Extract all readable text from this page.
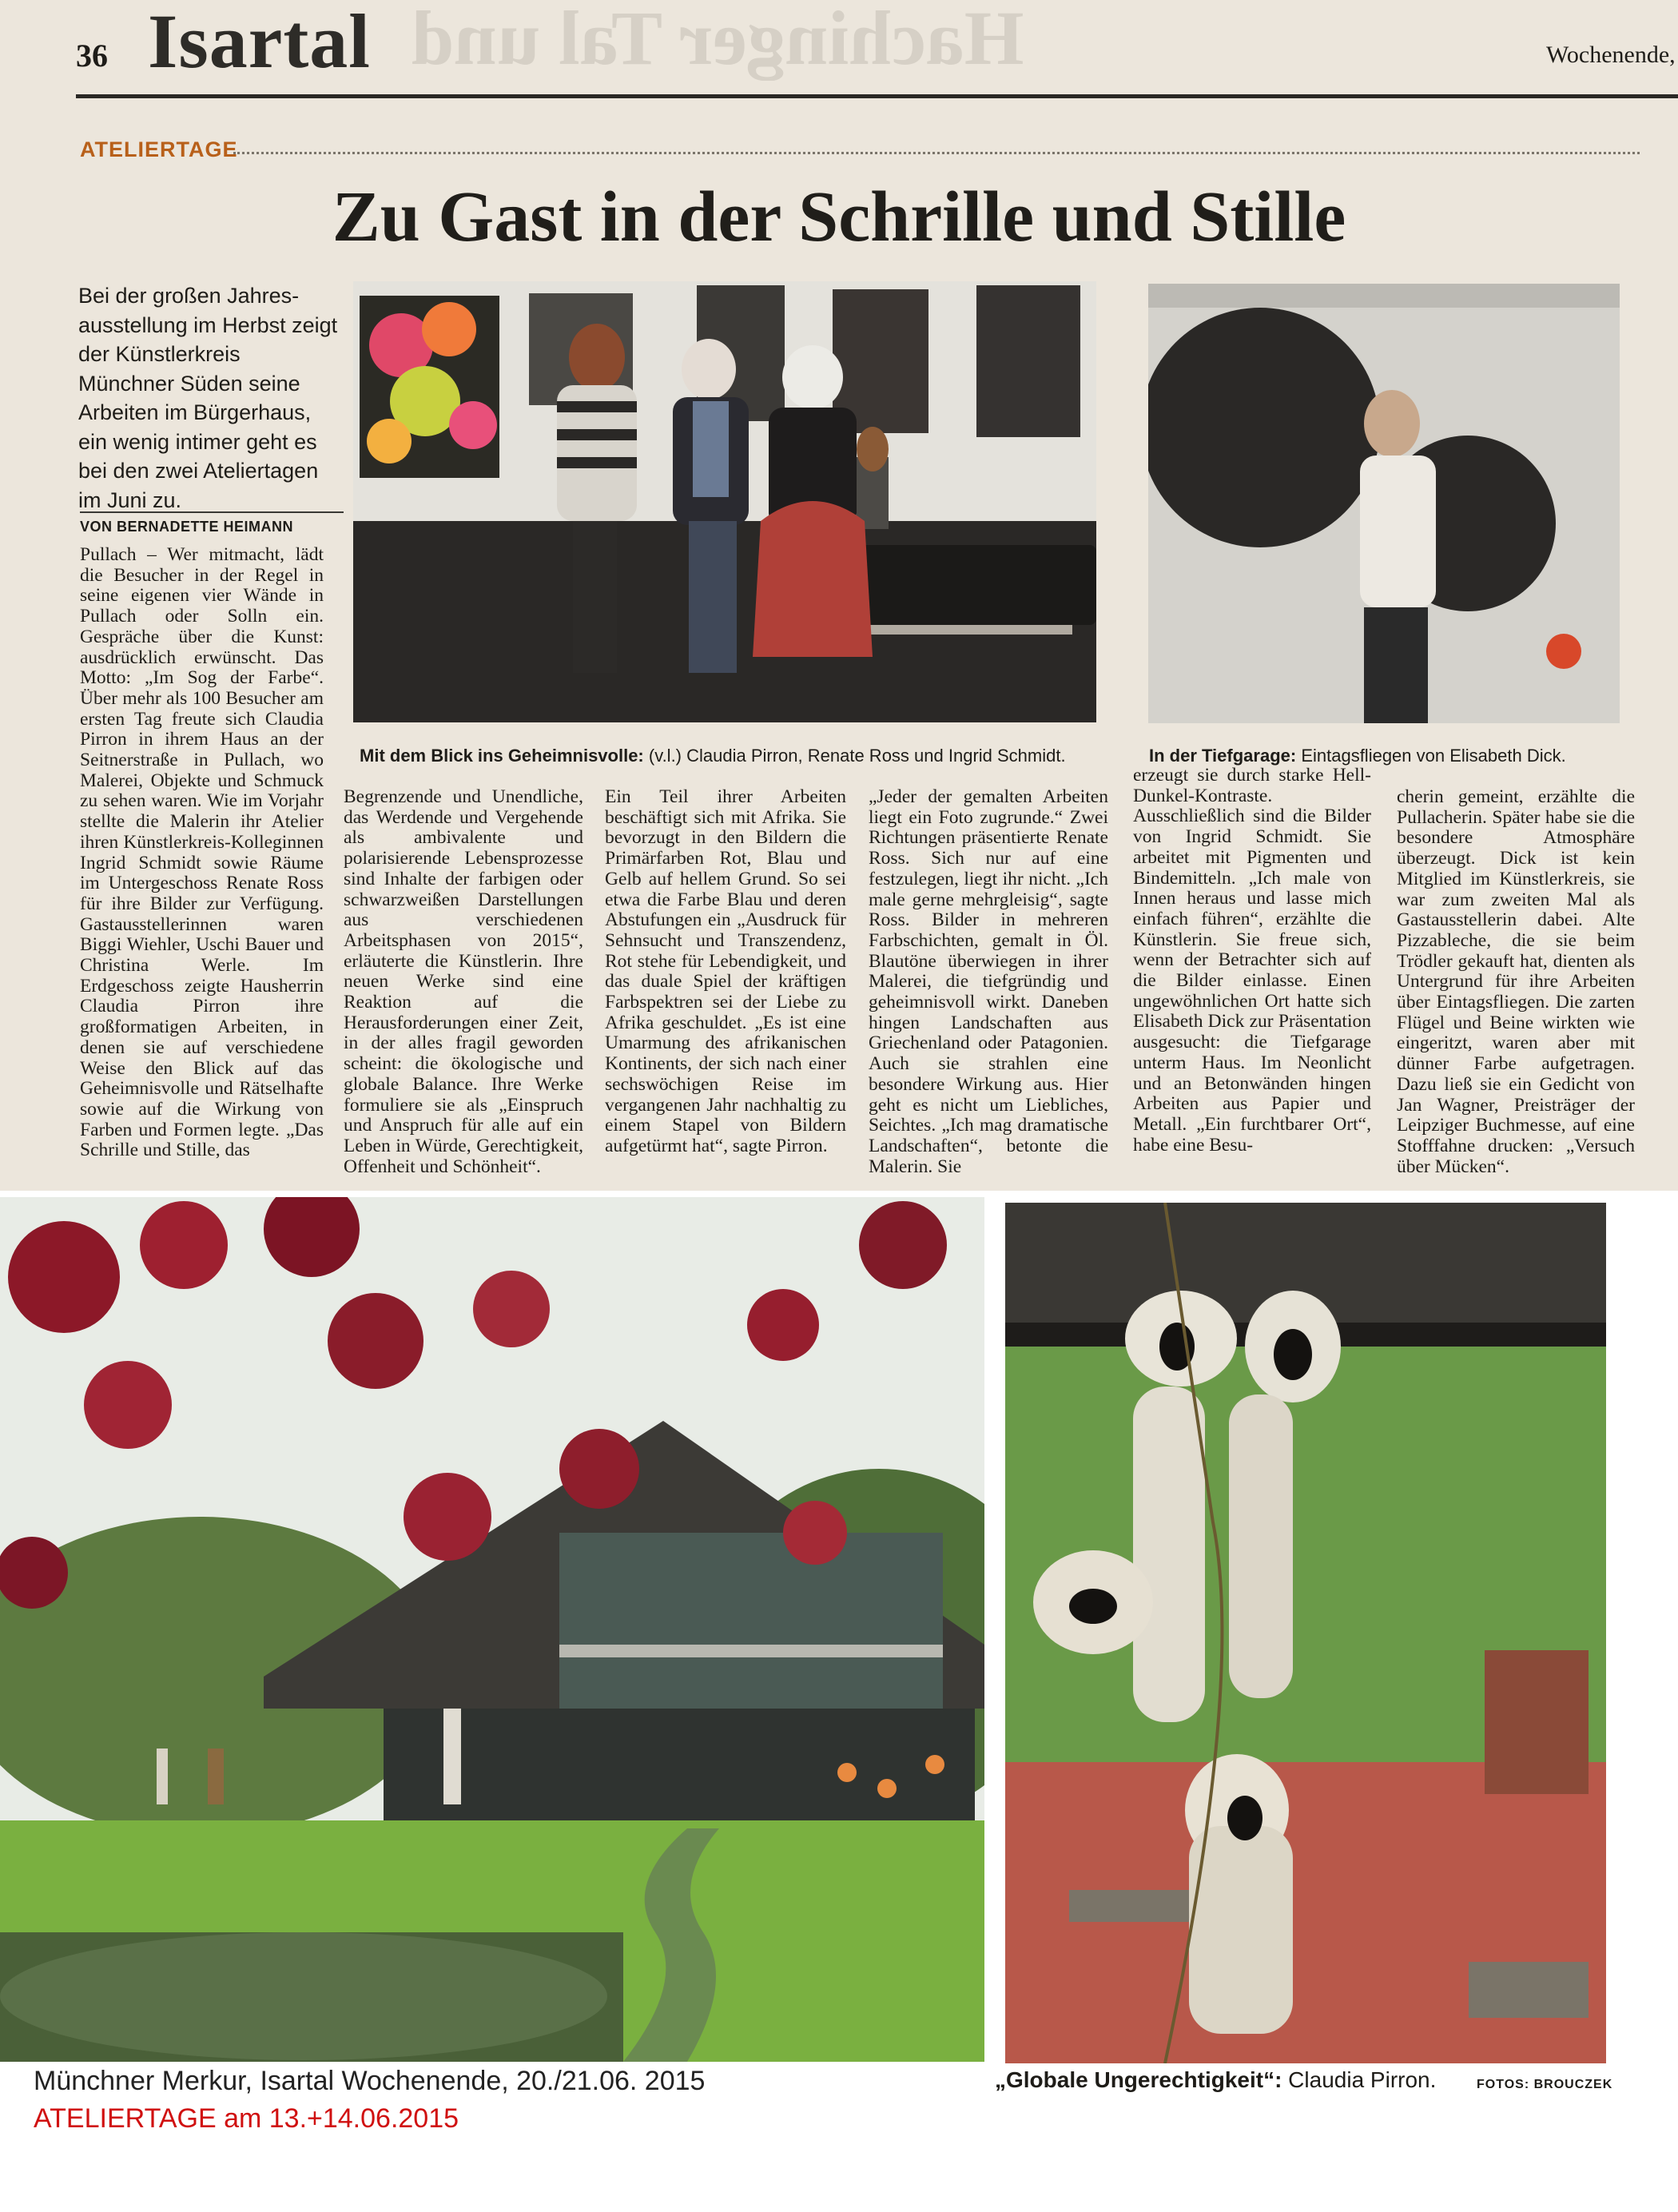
Hachinger Tal und
36 Isartal	Wochenende,
ATELIERTAGE
Zu Gast in der Schrille und Stille
Bei der großen Jahres-ausstellung im Herbst zeigt der Künstlerkreis Münchner Süden seine Arbeiten im Bürgerhaus, ein wenig intimer geht es bei den zwei Ateliertagen im Juni zu.
VON BERNADETTE HEIMANN
Mit dem Blick ins Geheimnisvolle: (v.l.) Claudia Pirron, Renate Ross und Ingrid Schmidt.	In der Tiefgarage: Eintagsfliegen von Elisabeth Dick.

Pullach – Wer mitmacht, lädt die Besucher in der Regel in seine eigenen vier Wände in Pullach oder Solln ein. Gespräche über die Kunst: ausdrücklich erwünscht. Das Motto: „Im Sog der Farbe“. Über mehr als 100 Besucher am ersten Tag freute sich Claudia Pirron in ihrem Haus an der Seitnerstraße in Pullach, wo Malerei, Objekte und Schmuck zu sehen waren. Wie im Vorjahr stellte die Malerin ihr Atelier ihren Künstlerkreis-Kolleginnen Ingrid Schmidt sowie Räume im Untergeschoss Renate Ross für ihre Bilder zur Verfügung. Gastausstellerinnen waren Biggi Wiehler, Uschi Bauer und Christina Werle. Im Erdgeschoss zeigte Hausherrin Claudia Pirron ihre großformatigen Arbeiten, in denen sie auf verschiedene Weise den Blick auf das Geheimnisvolle und Rätselhafte sowie auf die Wirkung von Farben und Formen legte. „Das Schrille und Stille, das

Begrenzende und Unendliche, das Werdende und Vergehende als ambivalente und polarisierende Lebensprozesse sind Inhalte der farbigen oder schwarzweißen Darstellungen aus verschiedenen Arbeitsphasen von 2015“, erläuterte die Künstlerin. Ihre neuen Werke sind eine Reaktion auf die Herausforderungen einer Zeit, in der alles fragil geworden scheint: die ökologische und globale Balance. Ihre Werke formuliere sie als „Einspruch und Anspruch für alle auf ein Leben in Würde, Gerechtigkeit, Offenheit und Schönheit“.

Ein Teil ihrer Arbeiten beschäftigt sich mit Afrika. Sie bevorzugt in den Bildern die Primärfarben Rot, Blau und Gelb auf hellem Grund. So sei etwa die Farbe Blau und deren Abstufungen ein „Ausdruck für Sehnsucht und Transzendenz, Rot stehe für Lebendigkeit, und das duale Spiel der kräftigen Farbspektren sei der Liebe zu Afrika geschuldet. „Es ist eine Umarmung des afrikanischen Kontinents, der sich nach einer sechswöchigen Reise im vergangenen Jahr nachhaltig zu einem Stapel von Bildern aufgetürmt hat“, sagte Pirron.

„Jeder der gemalten Arbeiten liegt ein Foto zugrunde.“ Zwei Richtungen präsentierte Renate Ross. Sich nur auf eine festzulegen, liegt ihr nicht. „Ich male gerne mehrgleisig“, sagte Ross. Bilder in mehreren Farbschichten, gemalt in Öl. Blautöne überwiegen in ihrer Malerei, die tiefgründig und geheimnisvoll wirkt. Daneben hingen Landschaften aus Griechenland oder Patagonien. Auch sie strahlen eine besondere Wirkung aus. Hier geht es nicht um Liebliches, Seichtes. „Ich mag dramatische Landschaften“, betonte die Malerin. Sie

erzeugt sie durch starke Hell-Dunkel-Kontraste. Ausschließlich sind die Bilder von Ingrid Schmidt. Sie arbeitet mit Pigmenten und Bindemitteln. „Ich male von Innen heraus und lasse mich einfach führen“, erzählte die Künstlerin. Sie freue sich, wenn der Betrachter sich auf die Bilder einlasse. Einen ungewöhnlichen Ort hatte sich Elisabeth Dick zur Präsentation ausgesucht: die Tiefgarage unterm Haus. Im Neonlicht und an Betonwänden hingen Arbeiten aus Papier und Metall. „Ein furchtbarer Ort“, habe eine Besu-

cherin gemeint, erzählte die Pullacherin. Später habe sie die besondere Atmosphäre überzeugt. Dick ist kein Mitglied im Künstlerkreis, sie war zum zweiten Mal als Gastausstellerin dabei. Alte Pizzableche, die sie beim Trödler gekauft hat, dienten als Untergrund für ihre Arbeiten über Eintagsfliegen. Die zarten Flügel und Beine wirkten wie eingeritzt, waren aber mit dünner Farbe aufgetragen. Dazu ließ sie ein Gedicht von Jan Wagner, Preisträger der Leipziger Buchmesse, auf eine Stofffahne drucken: „Versuch über Mücken“.

Münchner Merkur, Isartal Wochenende, 20./21.06. 2015
ATELIERTAGE am 13.+14.06.2015
„Globale Ungerechtigkeit“: Claudia Pirron.	FOTOS: BROUCZEK
